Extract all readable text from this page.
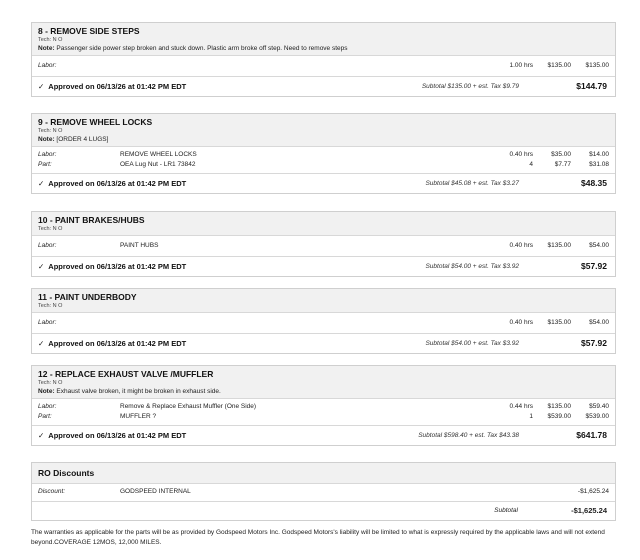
8 - REMOVE SIDE STEPS
Tech: N O
Note: Passenger side power step broken and stuck down. Plastic arm broke off step. Need to remove steps
Labor:	1.00 hrs $135.00 $135.00
✓ Approved on 06/13/26 at 01:42 PM EDT	Subtotal $135.00 + est. Tax $9.79	$144.79
9 - REMOVE WHEEL LOCKS
Tech: N O
Note: [ORDER 4 LUGS]
Labor:	REMOVE WHEEL LOCKS	0.40 hrs	$35.00	$14.00
Part:	OEA Lug Nut - LR1 73842	4	$7.77	$31.08
✓ Approved on 06/13/26 at 01:42 PM EDT	Subtotal $45.08 + est. Tax $3.27	$48.35
10 - PAINT BRAKES/HUBS
Tech: N O
Labor:	PAINT HUBS	0.40 hrs $135.00	$54.00
✓ Approved on 06/13/26 at 01:42 PM EDT	Subtotal $54.00 + est. Tax $3.92	$57.92
11 - PAINT UNDERBODY
Tech: N O
Labor:	0.40 hrs $135.00	$54.00
✓ Approved on 06/13/26 at 01:42 PM EDT	Subtotal $54.00 + est. Tax $3.92	$57.92
12 - REPLACE EXHAUST VALVE /MUFFLER
Tech: N O
Note: Exhaust valve broken, it might be broken in exhaust side.
Labor:	Remove & Replace Exhaust Muffler (One Side)	0.44 hrs $135.00	$59.40
Part:	MUFFLER ?	1 $539.00 $539.00
✓ Approved on 06/13/26 at 01:42 PM EDT	Subtotal $598.40 + est. Tax $43.38	$641.78
RO Discounts
Discount:	GODSPEED INTERNAL	-$1,625.24
Subtotal	-$1,625.24
The warranties as applicable for the parts will be as provided by Godspeed Motors Inc. Godspeed Motors's liability will be limited to what is expressly required by the applicable laws and will not extend beyond.COVERAGE 12MOS, 12,000 MILES.
